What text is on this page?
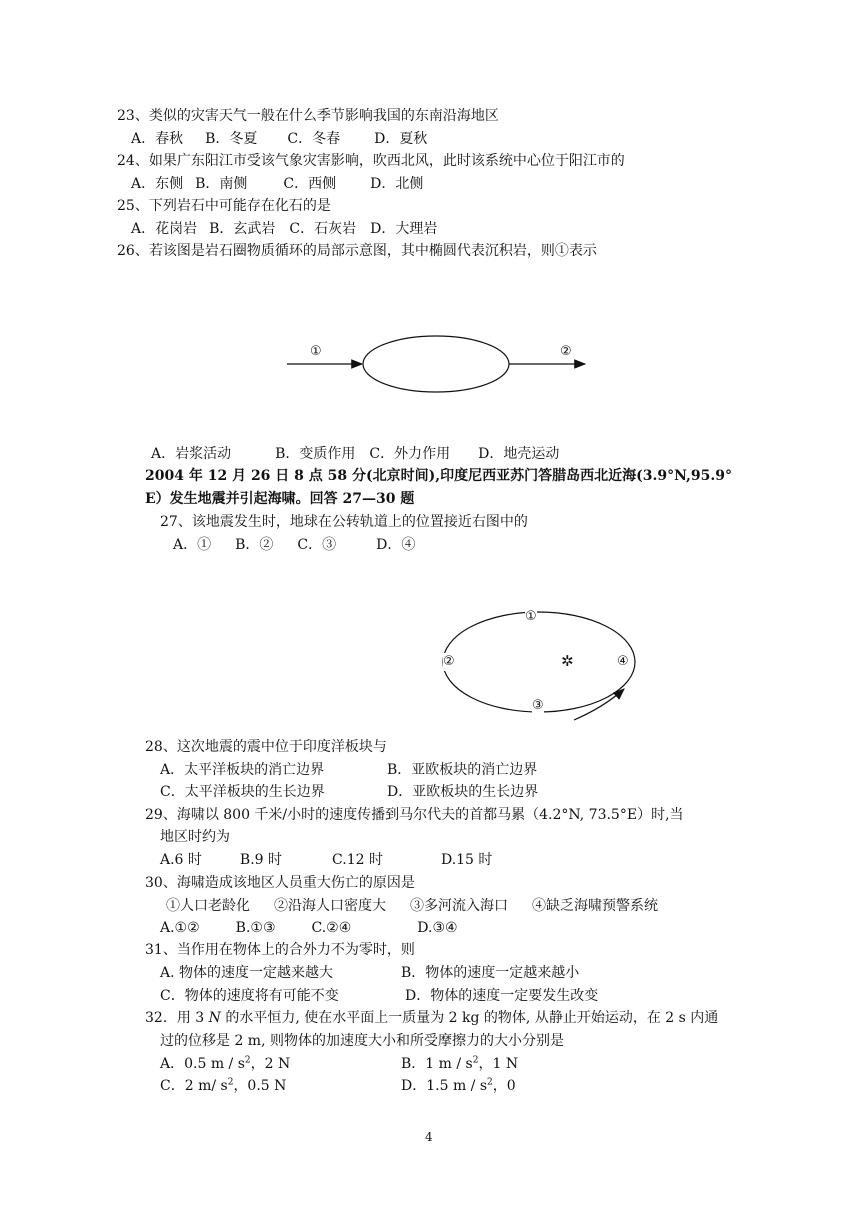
23、类似的灾害天气一般在什么季节影响我国的东南沿海地区
A．春秋 B．冬夏 C．冬春 D．夏秋
24、如果广东阳江市受该气象灾害影响，吹西北风，此时该系统中心位于阳江市的
A．东侧 B．南侧	C．西侧 D．北侧
25、下列岩石中可能存在化石的是
A．花岗岩 B．玄武岩 C．石灰岩 D．大理岩
26、若该图是岩石圈物质循环的局部示意图，其中椭圆代表沉积岩，则①表示
①	②
A．岩浆活动	B．变质作用 C．外力作用 D．地壳运动
2004 年 12 月 26 日 8 点 58 分(北京时间),印度尼西亚苏门答腊岛西北近海(3.9°N,95.9°
E）发生地震并引起海啸。回答 27—30 题
27、该地震发生时，地球在公转轨道上的位置接近右图中的
A．① B．② C．③	D．④
①
②
③
④
✲
28、这次地震的震中位于印度洋板块与
A．太平洋板块的消亡边界	B．亚欧板块的消亡边界
C．太平洋板块的生长边界	D．亚欧板块的生长边界
29、海啸以 800 千米/小时的速度传播到马尔代夫的首都马累（4.2°N, 73.5°E）时,当
地区时约为
A.6 时	B.9 时	C.12 时	D.15 时
30、海啸造成该地区人员重大伤亡的原因是
①人口老龄化 ②沿海人口密度大 ③多河流入海口 ④缺乏海啸预警系统
A.①②	B.①③	C.②④	D.③④
31、当作用在物体上的合外力不为零时，则
A. 物体的速度一定越来越大	B．物体的速度一定越来越小
C．物体的速度将有可能不变	D．物体的速度一定要发生改变
32．用 3 N 的水平恒力, 使在水平面上一质量为 2 kg 的物体, 从静止开始运动，在 2 s 内通
过的位移是 2 m, 则物体的加速度大小和所受摩擦力的大小分别是
A．0.5 m / $s^2$，2 N	B．1 m / $s^2$，1 N
C．2 m/ $s^2$，0.5 N	D．1.5 m / $s^2$，0
4
